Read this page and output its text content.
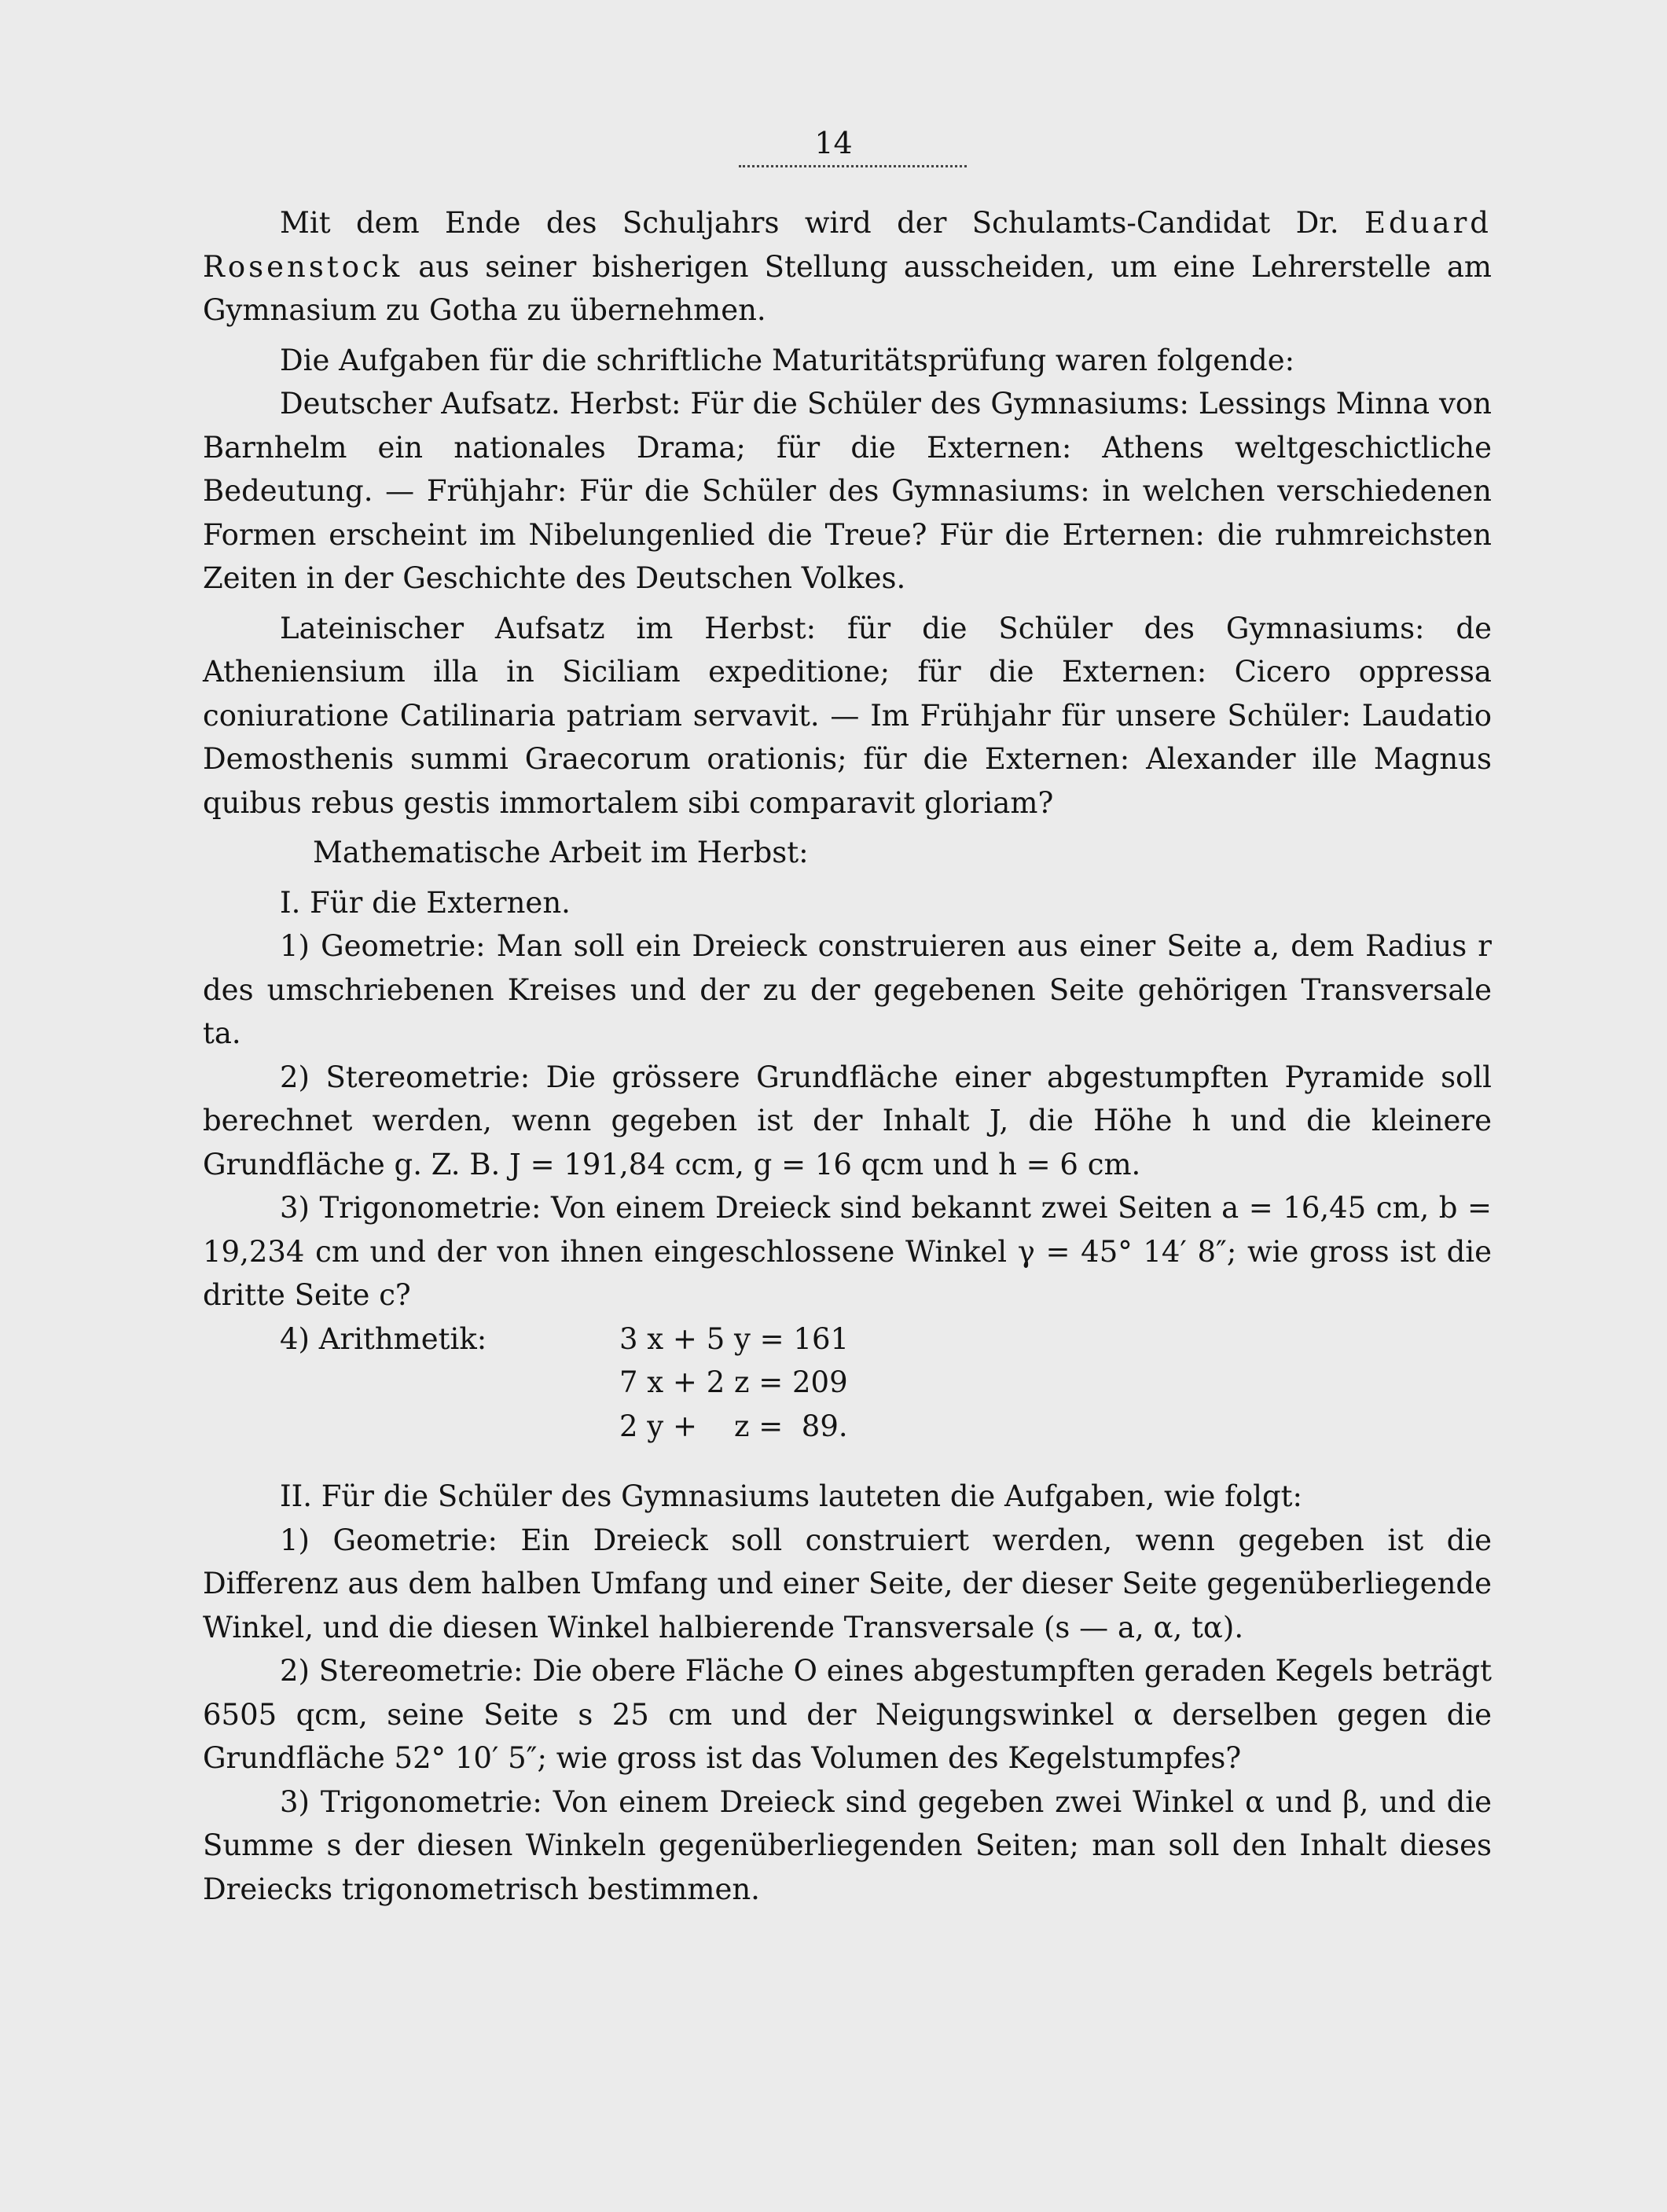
14

Mit dem Ende des Schuljahrs wird der Schulamts-Candidat Dr. Eduard Rosenstock aus seiner bisherigen Stellung ausscheiden, um eine Lehrerstelle am Gymnasium zu Gotha zu übernehmen.

Die Aufgaben für die schriftliche Maturitätsprüfung waren folgende:

Deutscher Aufsatz. Herbst: Für die Schüler des Gymnasiums: Lessings Minna von Barnhelm ein nationales Drama; für die Externen: Athens weltgeschictliche Bedeutung. — Frühjahr: Für die Schüler des Gymnasiums: in welchen verschiedenen Formen erscheint im Nibelungenlied die Treue? Für die Erternen: die ruhmreichsten Zeiten in der Geschichte des Deutschen Volkes.

Lateinischer Aufsatz im Herbst: für die Schüler des Gymnasiums: de Atheniensium illa in Siciliam expeditione; für die Externen: Cicero oppressa coniuratione Catilinaria patriam servavit. — Im Frühjahr für unsere Schüler: Laudatio Demosthenis summi Graecorum orationis; für die Externen: Alexander ille Magnus quibus rebus gestis immortalem sibi comparavit gloriam?

Mathematische Arbeit im Herbst:

I. Für die Externen.

1) Geometrie: Man soll ein Dreieck construieren aus einer Seite a, dem Radius r des umschriebenen Kreises und der zu der gegebenen Seite gehörigen Transversale ta.

2) Stereometrie: Die grössere Grundfläche einer abgestumpften Pyramide soll berechnet werden, wenn gegeben ist der Inhalt J, die Höhe h und die kleinere Grundfläche g. Z. B. J = 191,84 ccm, g = 16 qcm und h = 6 cm.

3) Trigonometrie: Von einem Dreieck sind bekannt zwei Seiten a = 16,45 cm, b = 19,234 cm und der von ihnen eingeschlossene Winkel γ = 45° 14′ 8″; wie gross ist die dritte Seite c?

4) Arithmetik:	3 x + 5 y = 161
7 x + 2 z = 209
2 y +    z =  89.

II. Für die Schüler des Gymnasiums lauteten die Aufgaben, wie folgt:

1) Geometrie: Ein Dreieck soll construiert werden, wenn gegeben ist die Differenz aus dem halben Umfang und einer Seite, der dieser Seite gegenüberliegende Winkel, und die diesen Winkel halbierende Transversale (s — a, α, tα).

2) Stereometrie: Die obere Fläche O eines abgestumpften geraden Kegels beträgt 6505 qcm, seine Seite s 25 cm und der Neigungswinkel α derselben gegen die Grundfläche 52° 10′ 5″; wie gross ist das Volumen des Kegelstumpfes?

3) Trigonometrie: Von einem Dreieck sind gegeben zwei Winkel α und β, und die Summe s der diesen Winkeln gegenüberliegenden Seiten; man soll den Inhalt dieses Dreiecks trigonometrisch bestimmen.
